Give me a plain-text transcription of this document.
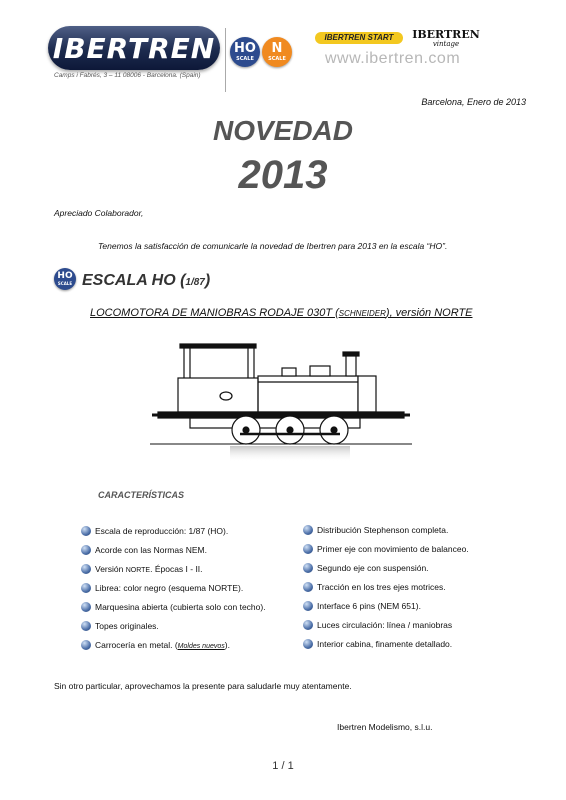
IBERTREN	HO
SCALE
N
SCALE
IBERTREN START	IBERTREN
vintage
www.ibertren.com
Camps i Fabrés, 3 – 11 08006 - Barcelona. (Spain)
Barcelona, Enero de 2013
NOVEDAD
2013
Apreciado Colaborador,
Tenemos la satisfacción de comunicarle la novedad de Ibertren para 2013 en la escala “HO”.
HO
SCALE ESCALA HO (1/87)
LOCOMOTORA DE MANIOBRAS RODAJE 030T (SCHNEIDER), versión NORTE
CARACTERÍSTICAS
Escala de reproducción: 1/87 (HO).
Acorde con las Normas NEM.
Versión NORTE. Épocas I - II.
Libreа: color negro (esquema NORTE).
Marquesina abierta (cubierta solo con techo).
Topes originales.
Carrocería en metal. (Moldes nuevos).
Distribución Stephenson completa.
Primer eje con movimiento de balanceo.
Segundo eje con suspensión.
Tracción en los tres ejes motrices.
Interface 6 pins (NEM 651).
Luces circulación: línea / maniobras
Interior cabina, finamente detallado.
Sin otro particular, aprovechamos la presente para saludarle muy atentamente.
Ibertren Modelismo, s.l.u.
1 / 1
